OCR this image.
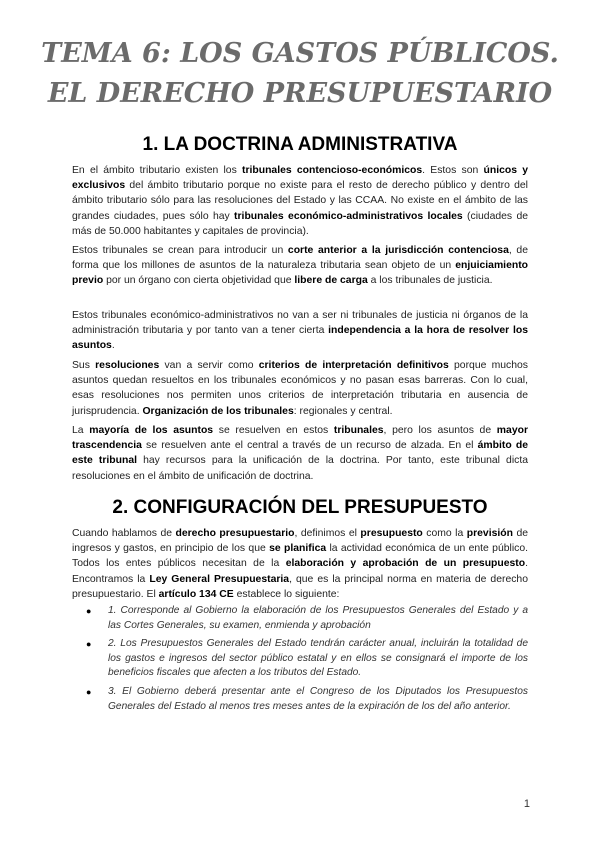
TEMA 6: LOS GASTOS PÚBLICOS.
EL DERECHO PRESUPUESTARIO
1. LA DOCTRINA ADMINISTRATIVA

En el ámbito tributario existen los tribunales contencioso-económicos. Estos son únicos y exclusivos del ámbito tributario porque no existe para el resto de derecho público y dentro del ámbito tributario sólo para las resoluciones del Estado y las CCAA. No existe en el ámbito de las grandes ciudades, pues sólo hay tribunales económico-administrativos locales (ciudades de más de 50.000 habitantes y capitales de provincia).

Estos tribunales se crean para introducir un corte anterior a la jurisdicción contenciosa, de forma que los millones de asuntos de la naturaleza tributaria sean objeto de un enjuiciamiento previo por un órgano con cierta objetividad que libere de carga a los tribunales de justicia.

Estos tribunales económico-administrativos no van a ser ni tribunales de justicia ni órganos de la administración tributaria y por tanto van a tener cierta independencia a la hora de resolver los asuntos.

Sus resoluciones van a servir como criterios de interpretación definitivos porque muchos asuntos quedan resueltos en los tribunales económicos y no pasan esas barreras. Con lo cual, esas resoluciones nos permiten unos criterios de interpretación tributaria en ausencia de jurisprudencia. Organización de los tribunales: regionales y central.

La mayoría de los asuntos se resuelven en estos tribunales, pero los asuntos de mayor trascendencia se resuelven ante el central a través de un recurso de alzada. En el ámbito de este tribunal hay recursos para la unificación de la doctrina. Por tanto, este tribunal dicta resoluciones en el ámbito de unificación de doctrina.

2. CONFIGURACIÓN DEL PRESUPUESTO

Cuando hablamos de derecho presupuestario, definimos el presupuesto como la previsión de ingresos y gastos, en principio de los que se planifica la actividad económica de un ente público. Todos los entes públicos necesitan de la elaboración y aprobación de un presupuesto. Encontramos la Ley General Presupuestaria, que es la principal norma en materia de derecho presupuestario. El artículo 134 CE establece lo siguiente:

● 1. Corresponde al Gobierno la elaboración de los Presupuestos Generales del Estado y a las Cortes Generales, su examen, enmienda y aprobación
● 2. Los Presupuestos Generales del Estado tendrán carácter anual, incluirán la totalidad de los gastos e ingresos del sector público estatal y en ellos se consignará el importe de los beneficios fiscales que afecten a los tributos del Estado.
● 3. El Gobierno deberá presentar ante el Congreso de los Diputados los Presupuestos Generales del Estado al menos tres meses antes de la expiración de los del año anterior.
1
